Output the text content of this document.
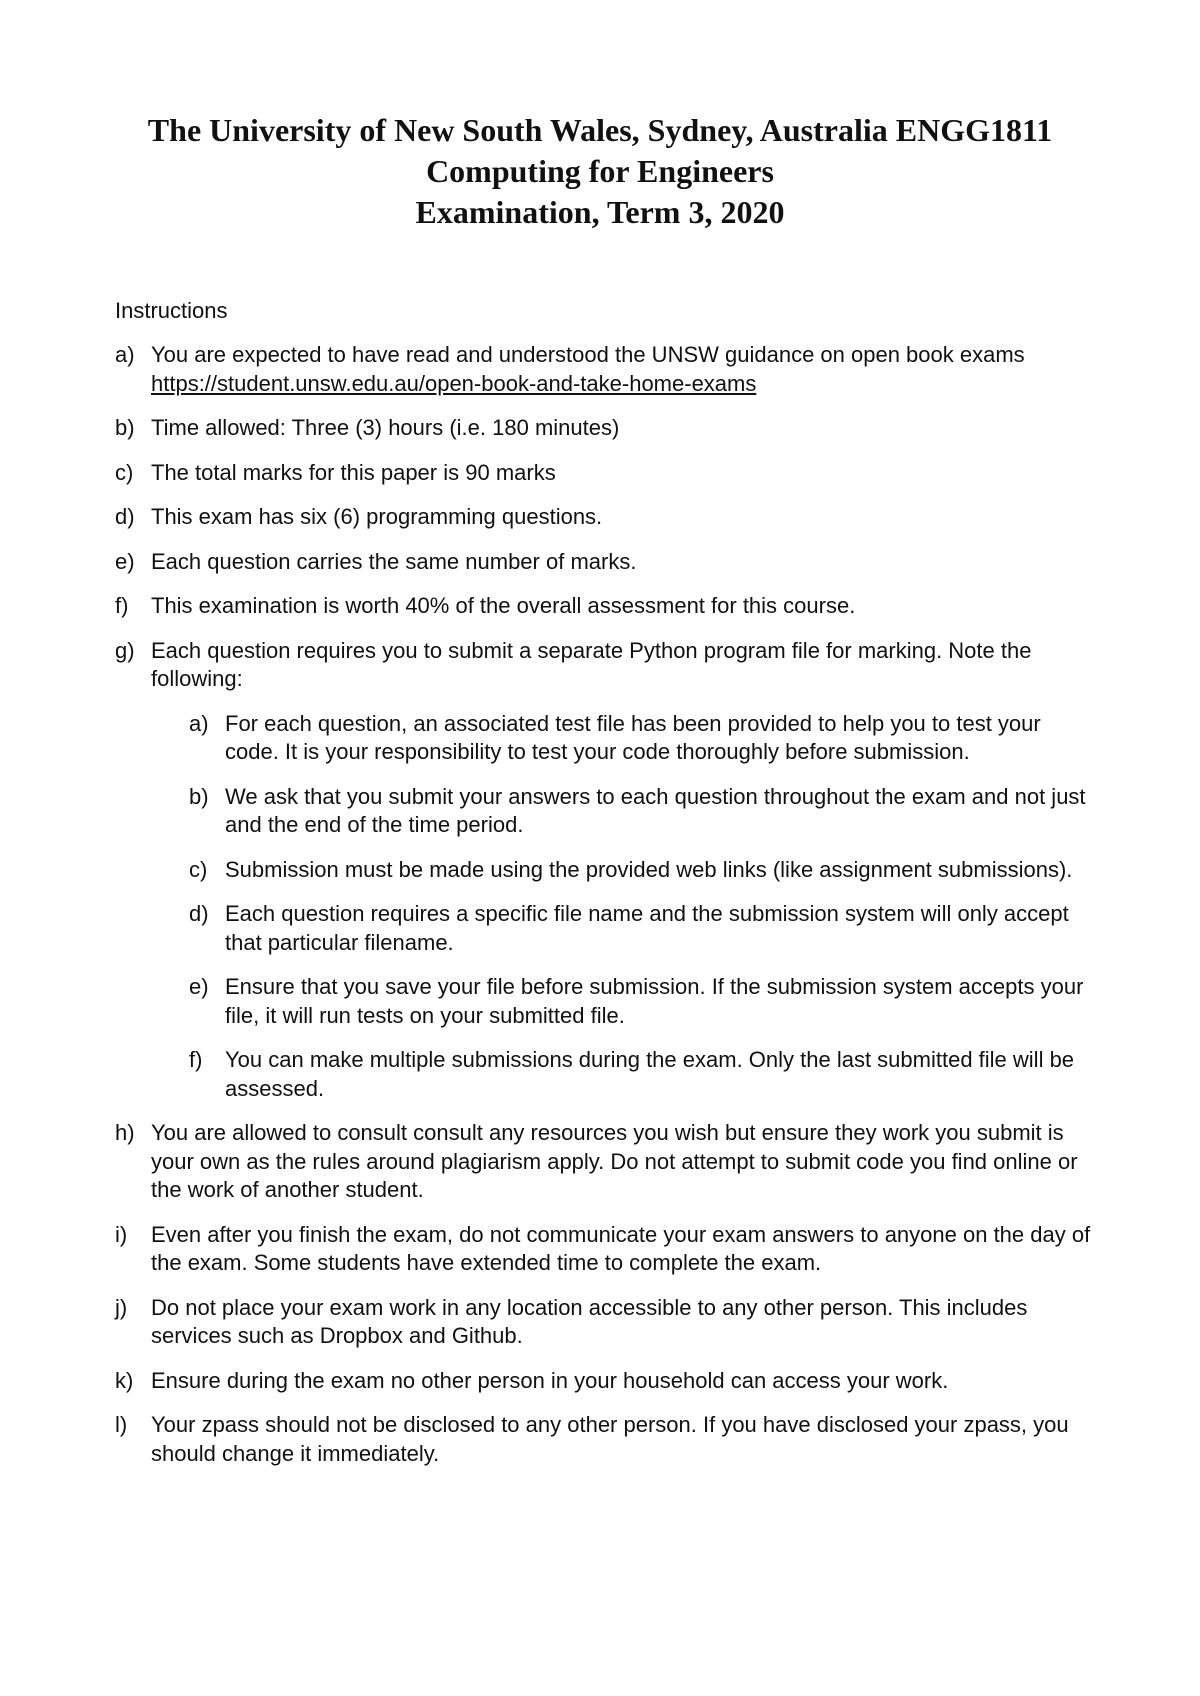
The University of New South Wales, Sydney, Australia ENGG1811
Computing for Engineers
Examination, Term 3, 2020
Instructions
a) You are expected to have read and understood the UNSW guidance on open book exams https://student.unsw.edu.au/open-book-and-take-home-exams
b) Time allowed: Three (3) hours (i.e. 180 minutes)
c) The total marks for this paper is 90 marks
d) This exam has six (6) programming questions.
e) Each question carries the same number of marks.
f)	This examination is worth 40% of the overall assessment for this course.
g) Each question requires you to submit a separate Python program file for marking. Note the following:
a) For each question, an associated test file has been provided to help you to test your code. It is your responsibility to test your code thoroughly before submission.
b) We ask that you submit your answers to each question throughout the exam and not just and the end of the time period.
c) Submission must be made using the provided web links (like assignment submissions).
d) Each question requires a specific file name and the submission system will only accept that particular filename.
e) Ensure that you save your file before submission. If the submission system accepts your file, it will run tests on your submitted file.
f)	You can make multiple submissions during the exam. Only the last submitted file will be assessed.
h) You are allowed to consult consult any resources you wish but ensure they work you submit is your own as the rules around plagiarism apply. Do not attempt to submit code you find online or the work of another student.
i)	Even after you finish the exam, do not communicate your exam answers to anyone on the day of the exam. Some students have extended time to complete the exam.
j)	Do not place your exam work in any location accessible to any other person. This includes services such as Dropbox and Github.
k) Ensure during the exam no other person in your household can access your work.
l)	Your zpass should not be disclosed to any other person. If you have disclosed your zpass, you should change it immediately.
